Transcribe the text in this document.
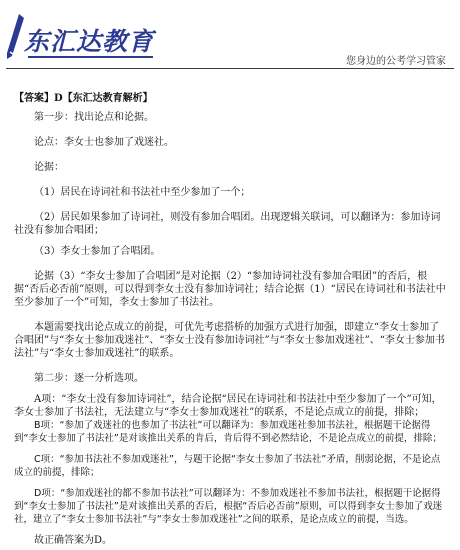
东汇达教育
您身边的公考学习管家

【答案】D【东汇达教育解析】

第一步：找出论点和论据。

论点：李女士也参加了戏迷社。

论据：

（1）居民在诗词社和书法社中至少参加了一个；

（2）居民如果参加了诗词社，则没有参加合唱团。出现逻辑关联词，可以翻译为：参加诗词社没有参加合唱团；

（3）李女士参加了合唱团。

论据（3）“李女士参加了合唱团”是对论据（2）“参加诗词社没有参加合唱团”的否后，根据“否后必否前”原则，可以得到李女士没有参加诗词社；结合论据（1）“居民在诗词社和书法社中至少参加了一个”可知，李女士参加了书法社。

本题需要找出论点成立的前提，可优先考虑搭桥的加强方式进行加强，即建立“李女士参加了合唱团”与“李女士参加戏迷社”、“李女士没有参加诗词社”与“李女士参加戏迷社”、“李女士参加书法社”与“李女士参加戏迷社”的联系。

第二步：逐一分析选项。

A项：“李女士没有参加诗词社”，结合论据“居民在诗词社和书法社中至少参加了一个”可知，李女士参加了书法社，无法建立与“李女士参加戏迷社”的联系，不是论点成立的前提，排除；

B项：“参加了戏迷社的也参加了书法社”可以翻译为：参加戏迷社参加书法社，根据题干论据得到“李女士参加了书法社”是对该推出关系的肯后，肯后得不到必然结论，不是论点成立的前提，排除；

C项：“参加书法社不参加戏迷社”，与题干论据“李女士参加了书法社”矛盾，削弱论据，不是论点成立的前提，排除；

D项：“参加戏迷社的都不参加书法社”可以翻译为：不参加戏迷社不参加书法社，根据题干论据得到“李女士参加了书法社”是对该推出关系的否后，根据“否后必否前”原则，可以得到李女士参加了戏迷社，建立了“李女士参加书法社”与“李女士参加戏迷社”之间的联系，是论点成立的前提，当选。

故正确答案为D。
